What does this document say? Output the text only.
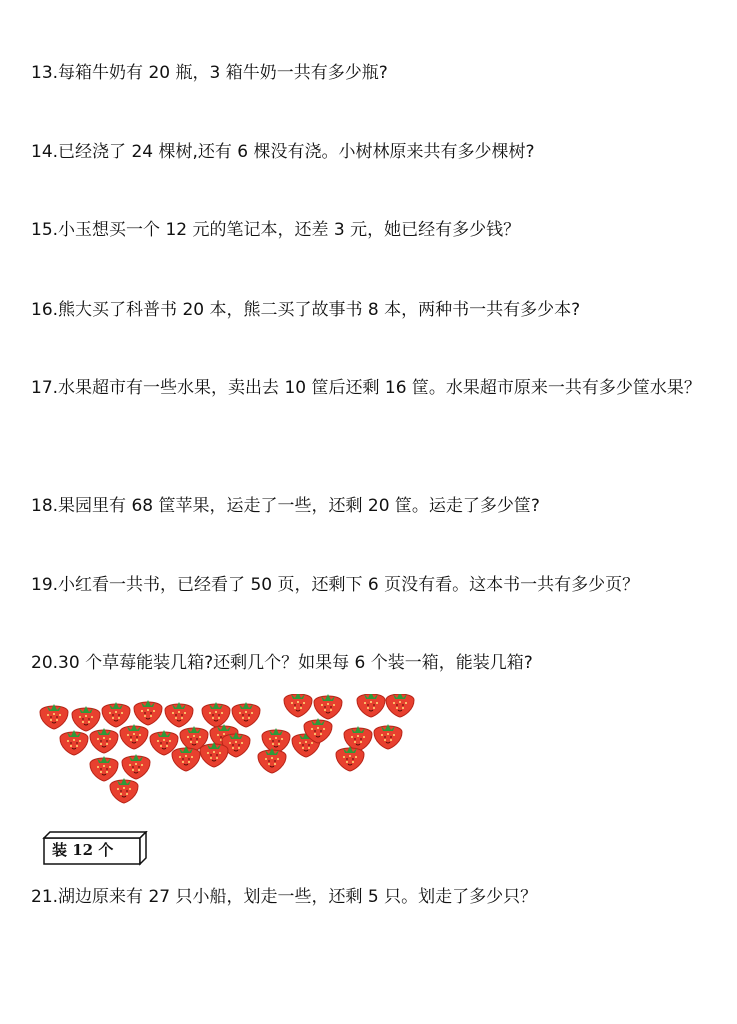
13.每箱牛奶有 20 瓶，3 箱牛奶一共有多少瓶?
14.已经浇了 24 棵树,还有 6 棵没有浇。小树林原来共有多少棵树?
15.小玉想买一个 12 元的笔记本，还差 3 元，她已经有多少钱？
16.熊大买了科普书 20 本，熊二买了故事书 8 本，两种书一共有多少本?
17.水果超市有一些水果，卖出去 10 筐后还剩 16 筐。水果超市原来一共有多少筐水果？
18.果园里有 68 筐苹果，运走了一些，还剩 20 筐。运走了多少筐?
19.小红看一共书，已经看了 50 页，还剩下 6 页没有看。这本书一共有多少页？
20.30 个草莓能装几箱?还剩几个？如果每 6 个装一箱，能装几箱?
装 12 个
21.湖边原来有 27 只小船，划走一些，还剩 5 只。划走了多少只？
